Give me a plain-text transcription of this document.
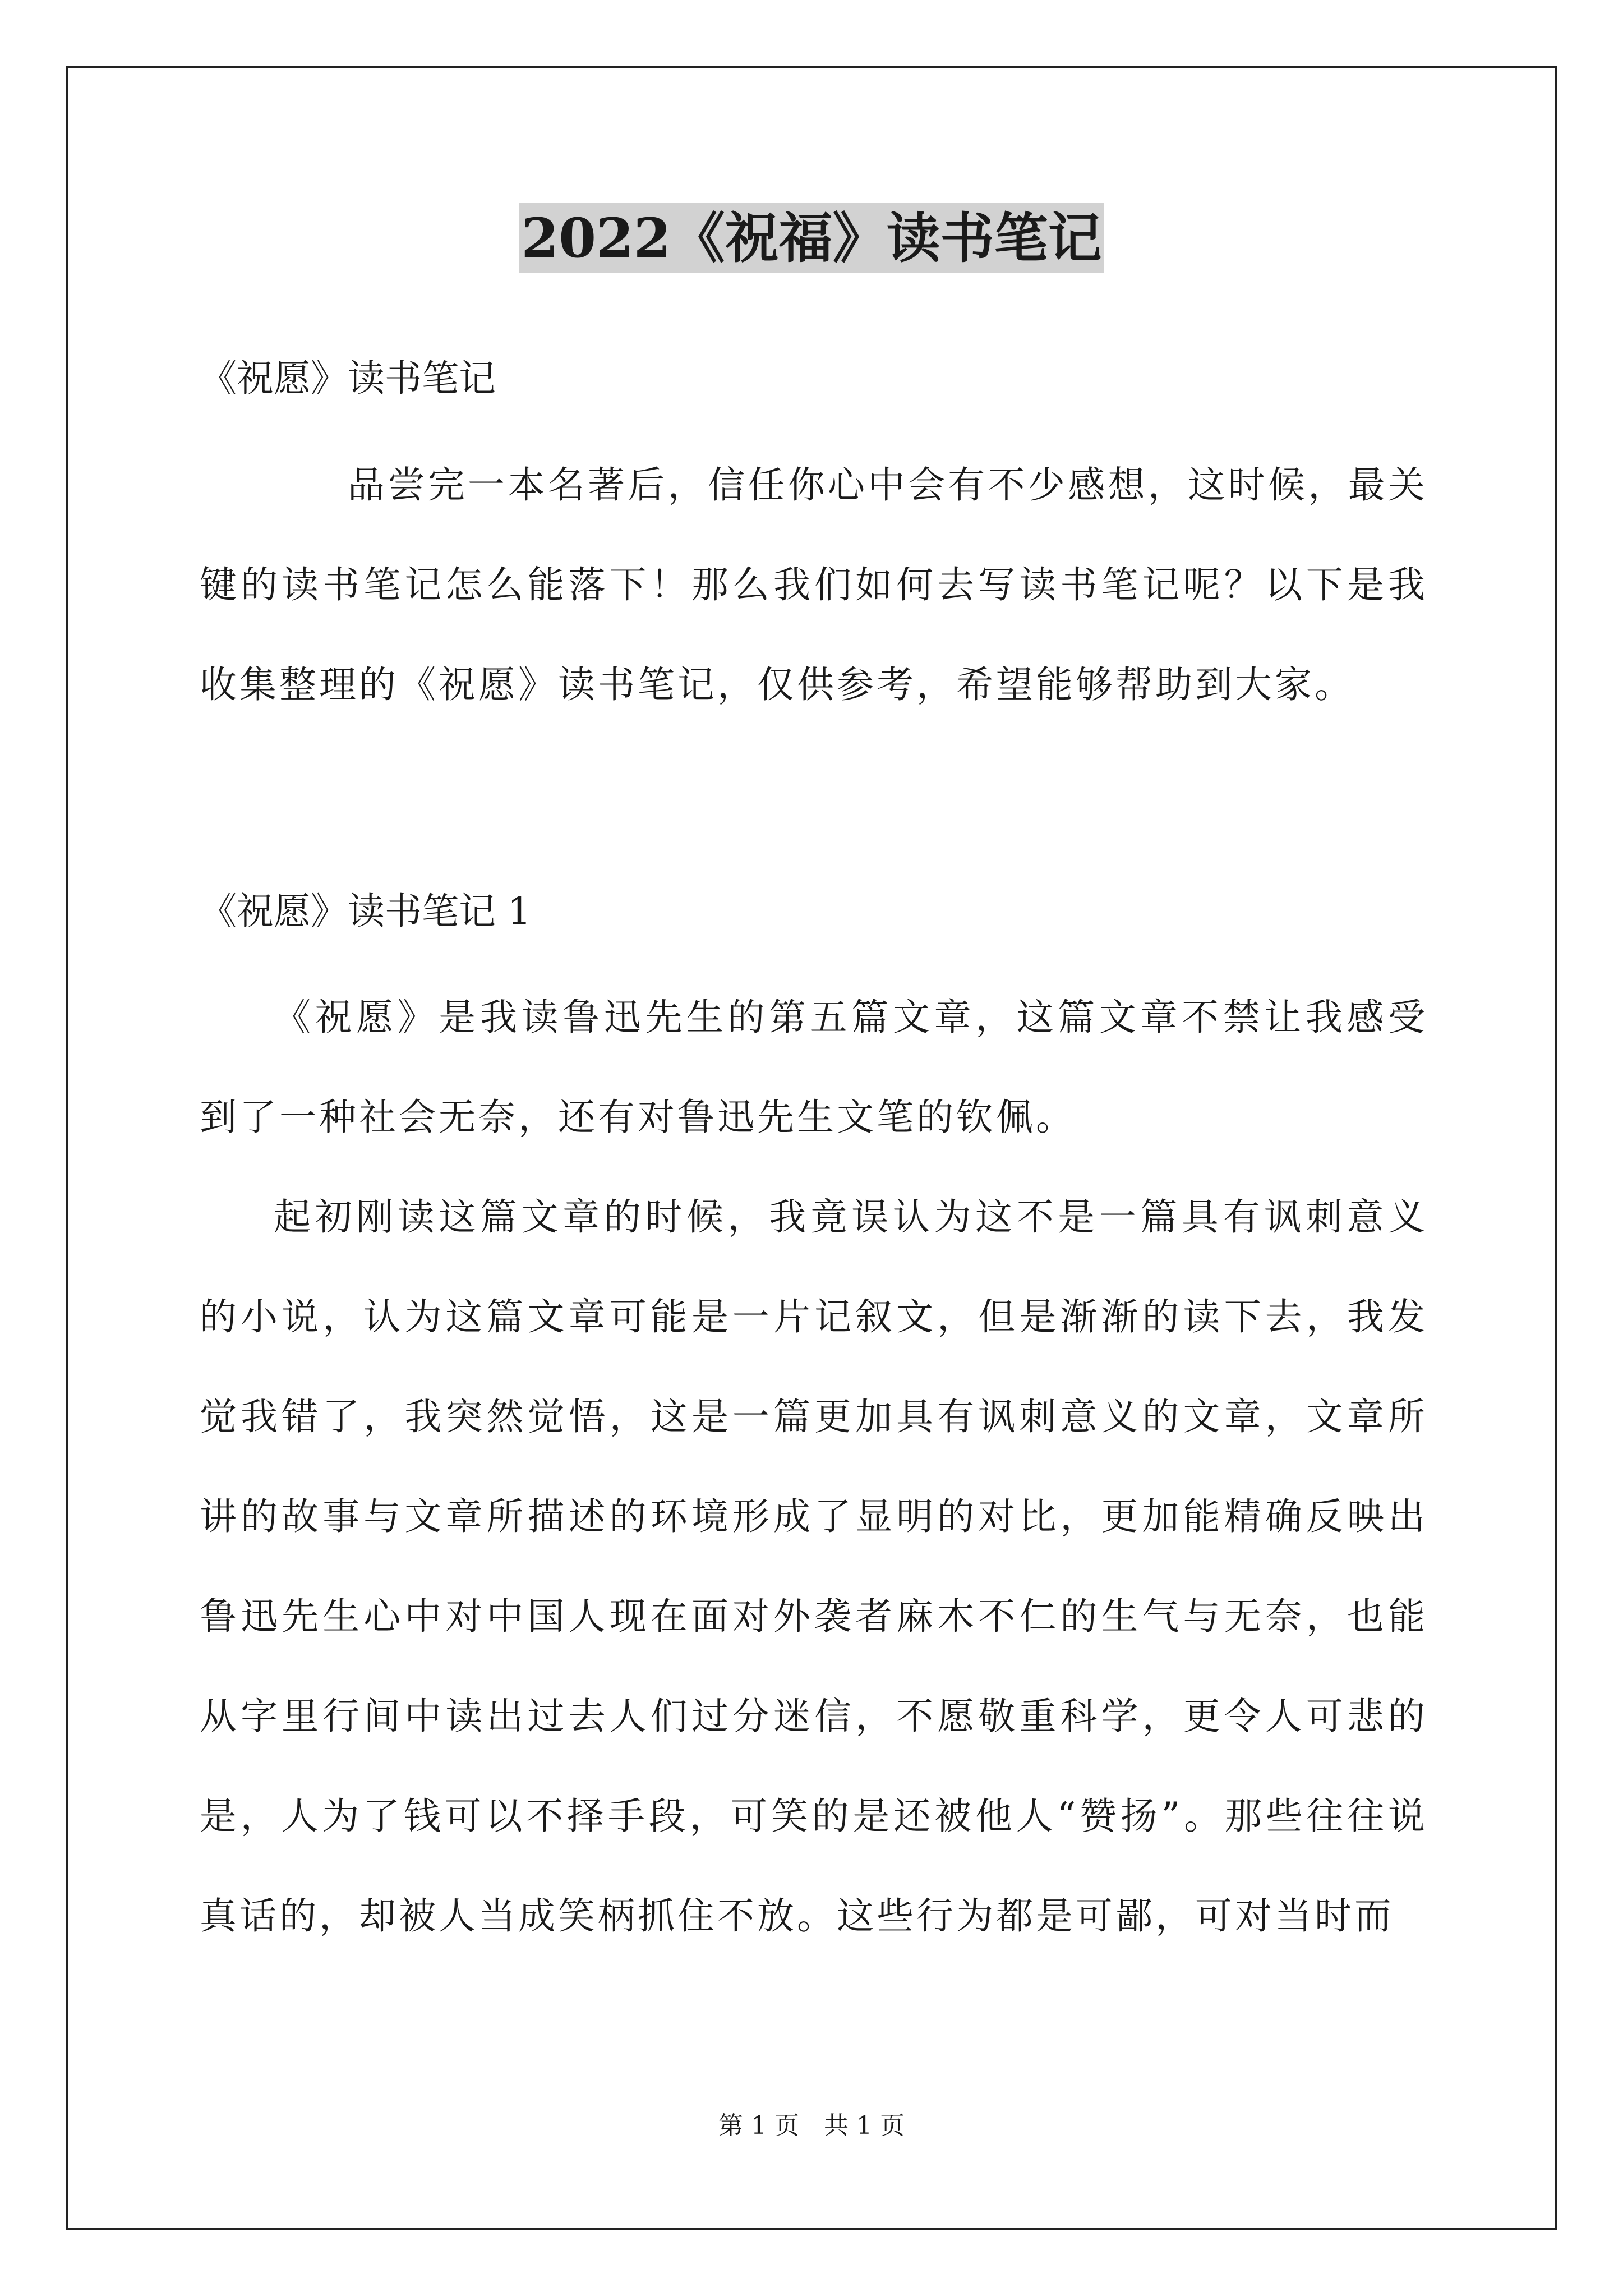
2022《祝福》读书笔记
《祝愿》读书笔记
品尝完一本名著后，信任你心中会有不少感想，这时候，最关键的读书笔记怎么能落下！那么我们如何去写读书笔记呢？以下是我收集整理的《祝愿》读书笔记，仅供参考，希望能够帮助到大家。
《祝愿》读书笔记 1
《祝愿》是我读鲁迅先生的第五篇文章，这篇文章不禁让我感受到了一种社会无奈，还有对鲁迅先生文笔的钦佩。
起初刚读这篇文章的时候，我竟误认为这不是一篇具有讽刺意义的小说，认为这篇文章可能是一片记叙文，但是渐渐的读下去，我发觉我错了，我突然觉悟，这是一篇更加具有讽刺意义的文章，文章所讲的故事与文章所描述的环境形成了显明的对比，更加能精确反映出鲁迅先生心中对中国人现在面对外袭者麻木不仁的生气与无奈，也能从字里行间中读出过去人们过分迷信，不愿敬重科学，更令人可悲的是，人为了钱可以不择手段，可笑的是还被他人“赞扬”。那些往往说真话的，却被人当成笑柄抓住不放。这些行为都是可鄙，可对当时而
第 1 页　共 1 页
